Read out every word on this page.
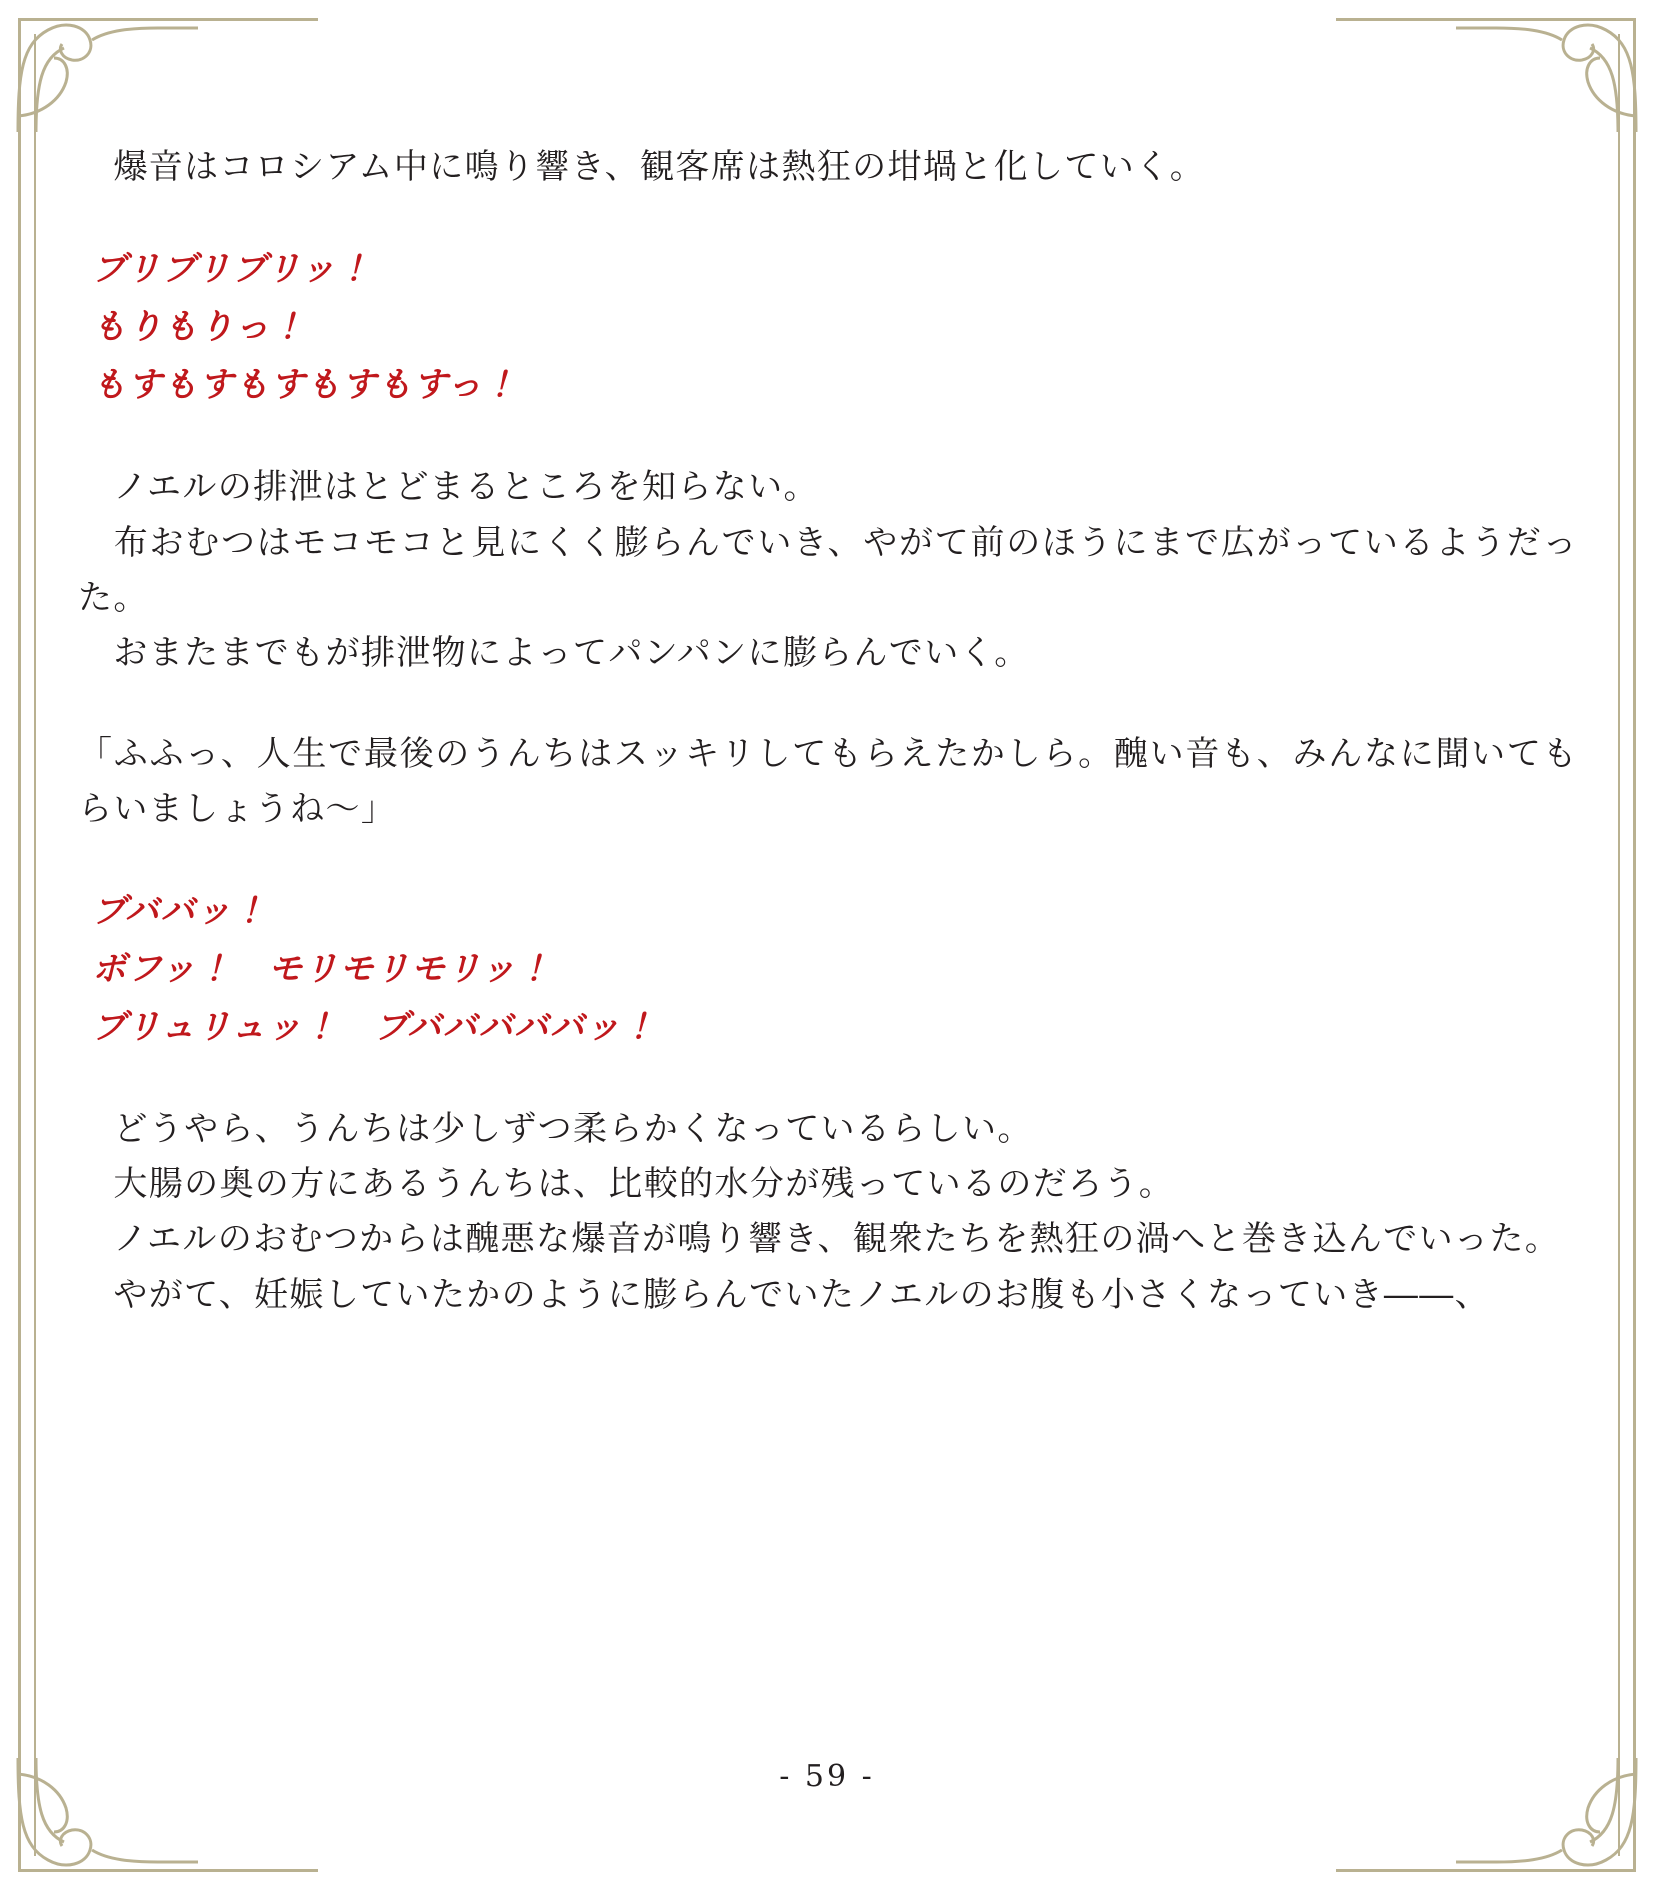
　爆音はコロシアム中に鳴り響き、観客席は熱狂の坩堝と化していく。

ブリブリブリッ！

もりもりっ！

もすもすもすもすもすっ！

　ノエルの排泄はとどまるところを知らない。

　布おむつはモコモコと見にくく膨らんでいき、やがて前のほうにまで広がっているようだった。

　おまたまでもが排泄物によってパンパンに膨らんでいく。

「ふふっ、人生で最後のうんちはスッキリしてもらえたかしら。醜い音も、みんなに聞いてもらいましょうね〜」

ブババッ！

ボフッ！　モリモリモリッ！

ブリュリュッ！　ブバババババッ！

　どうやら、うんちは少しずつ柔らかくなっているらしい。

　大腸の奥の方にあるうんちは、比較的水分が残っているのだろう。

　ノエルのおむつからは醜悪な爆音が鳴り響き、観衆たちを熱狂の渦へと巻き込んでいった。

　やがて、妊娠していたかのように膨らんでいたノエルのお腹も小さくなっていき――、

- 59 -
